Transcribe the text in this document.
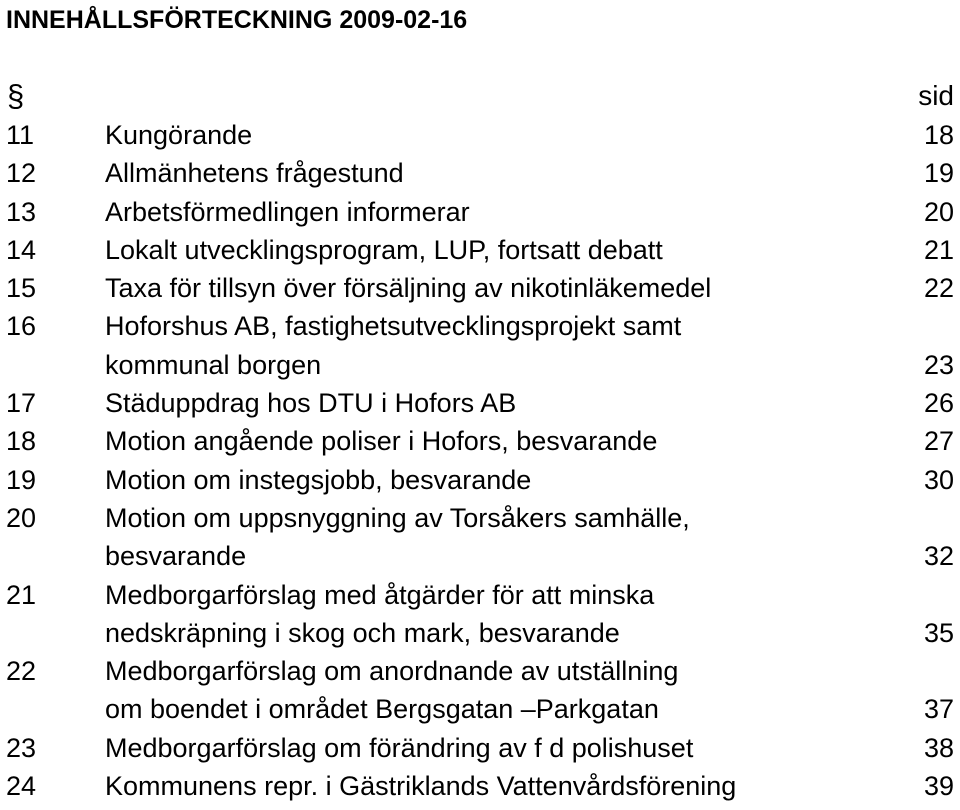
INNEHÅLLSFÖRTECKNING 2009-02-16
§	sid
11	Kungörande	18
12	Allmänhetens frågestund	19
13	Arbetsförmedlingen informerar	20
14	Lokalt utvecklingsprogram, LUP, fortsatt debatt	21
15	Taxa för tillsyn över försäljning av nikotinläkemedel	22
16	Hoforshus AB, fastighetsutvecklingsprojekt samt
kommunal borgen	23
17	Städuppdrag hos DTU i Hofors AB	26
18	Motion angående poliser i Hofors, besvarande	27
19	Motion om instegsjobb, besvarande	30
20	Motion om uppsnyggning av Torsåkers samhälle,
besvarande	32
21	Medborgarförslag med åtgärder för att minska
nedskräpning i skog och mark, besvarande	35
22	Medborgarförslag om anordnande av utställning
om boendet i området Bergsgatan –Parkgatan	37
23	Medborgarförslag om förändring av f d polishuset	38
24	Kommunens repr. i Gästriklands Vattenvårdsförening	39
